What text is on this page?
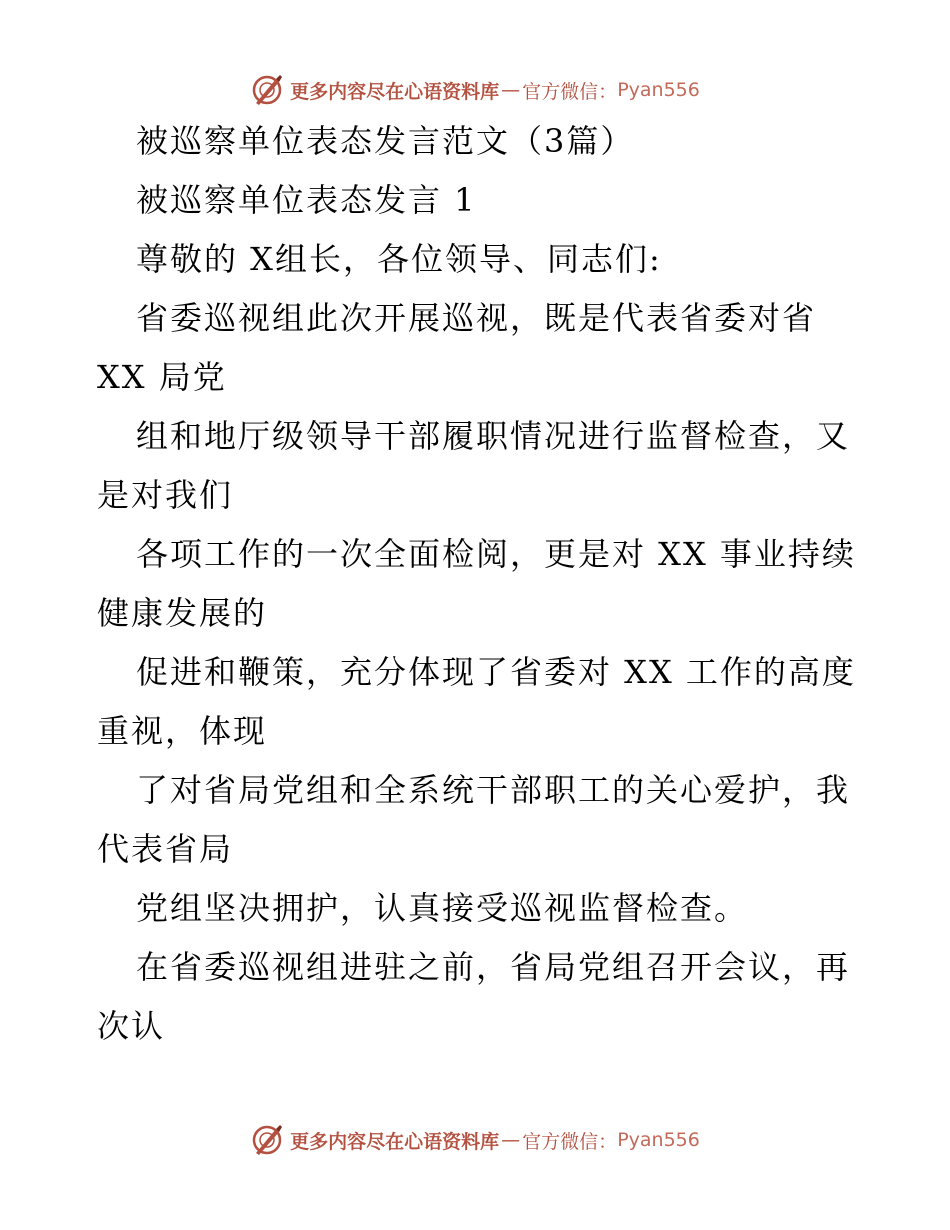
更多内容尽在心语资料库 — 官方微信： Pyan556
被巡察单位表态发言范文（3篇）
被巡察单位表态发言 1
尊敬的 X组长，各位领导、同志们:
省委巡视组此次开展巡视，既是代表省委对省
XX 局党
组和地厅级领导干部履职情况进行监督检查，又
是对我们
各项工作的一次全面检阅，更是对 XX 事业持续
健康发展的
促进和鞭策，充分体现了省委对 XX 工作的高度
重视，体现
了对省局党组和全系统干部职工的关心爱护，我
代表省局
党组坚决拥护，认真接受巡视监督检查。
在省委巡视组进驻之前，省局党组召开会议，再
次认
更多内容尽在心语资料库 — 官方微信： Pyan556
